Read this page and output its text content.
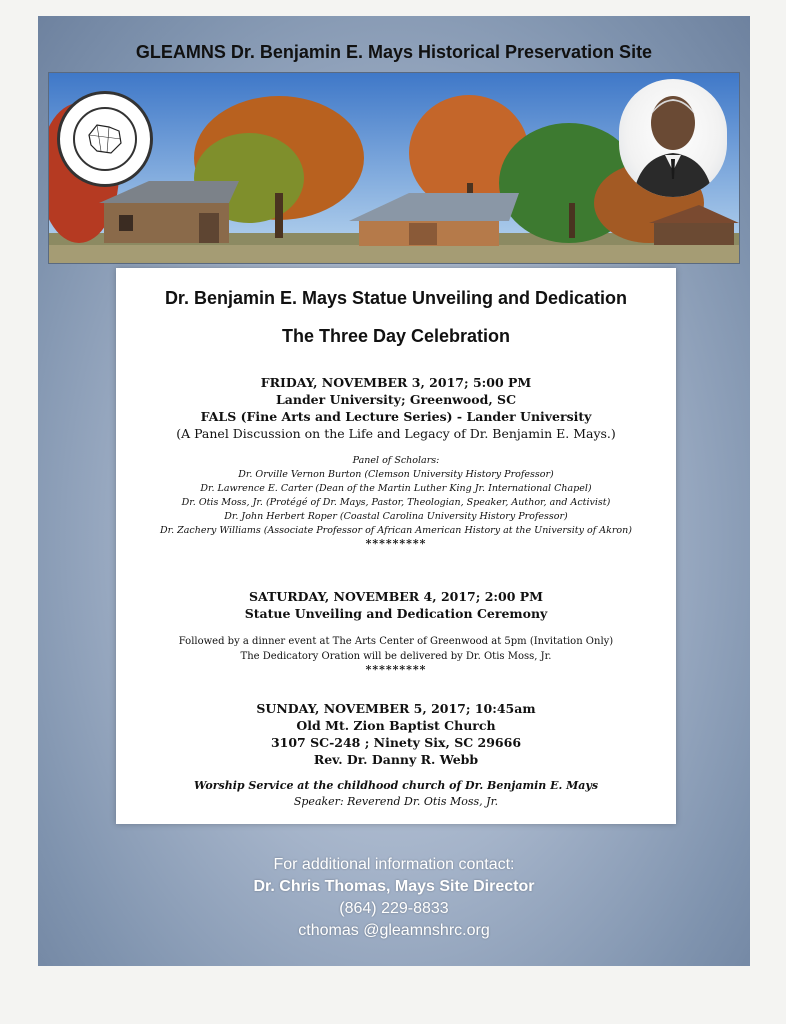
GLEAMNS Dr. Benjamin E. Mays Historical Preservation Site
Dr. Benjamin E. Mays Statue Unveiling and Dedication
The Three Day Celebration
FRIDAY, NOVEMBER 3, 2017; 5:00 PM
Lander University; Greenwood, SC
FALS (Fine Arts and Lecture Series) - Lander University
(A Panel Discussion on the Life and Legacy of Dr. Benjamin E. Mays.)
Panel of Scholars:
Dr. Orville Vernon Burton (Clemson University History Professor)
Dr. Lawrence E. Carter (Dean of the Martin Luther King Jr. International Chapel)
Dr. Otis Moss, Jr. (Protégé of Dr. Mays, Pastor, Theologian, Speaker, Author, and Activist)
Dr. John Herbert Roper (Coastal Carolina University History Professor)
Dr. Zachery Williams (Associate Professor of African American History at the University of Akron)
*********
SATURDAY, NOVEMBER 4, 2017; 2:00 PM
Statue Unveiling and Dedication Ceremony
Followed by a dinner event at The Arts Center of Greenwood at 5pm (Invitation Only)
The Dedicatory Oration will be delivered by Dr. Otis Moss, Jr.
*********
SUNDAY, NOVEMBER 5, 2017; 10:45am
Old Mt. Zion Baptist Church
3107 SC-248 ; Ninety Six, SC 29666
Rev. Dr. Danny R. Webb
Worship Service at the childhood church of Dr. Benjamin E. Mays
Speaker: Reverend Dr. Otis Moss, Jr.
For additional information contact:
Dr. Chris Thomas, Mays Site Director
(864) 229-8833
cthomas @gleamnshrc.org
